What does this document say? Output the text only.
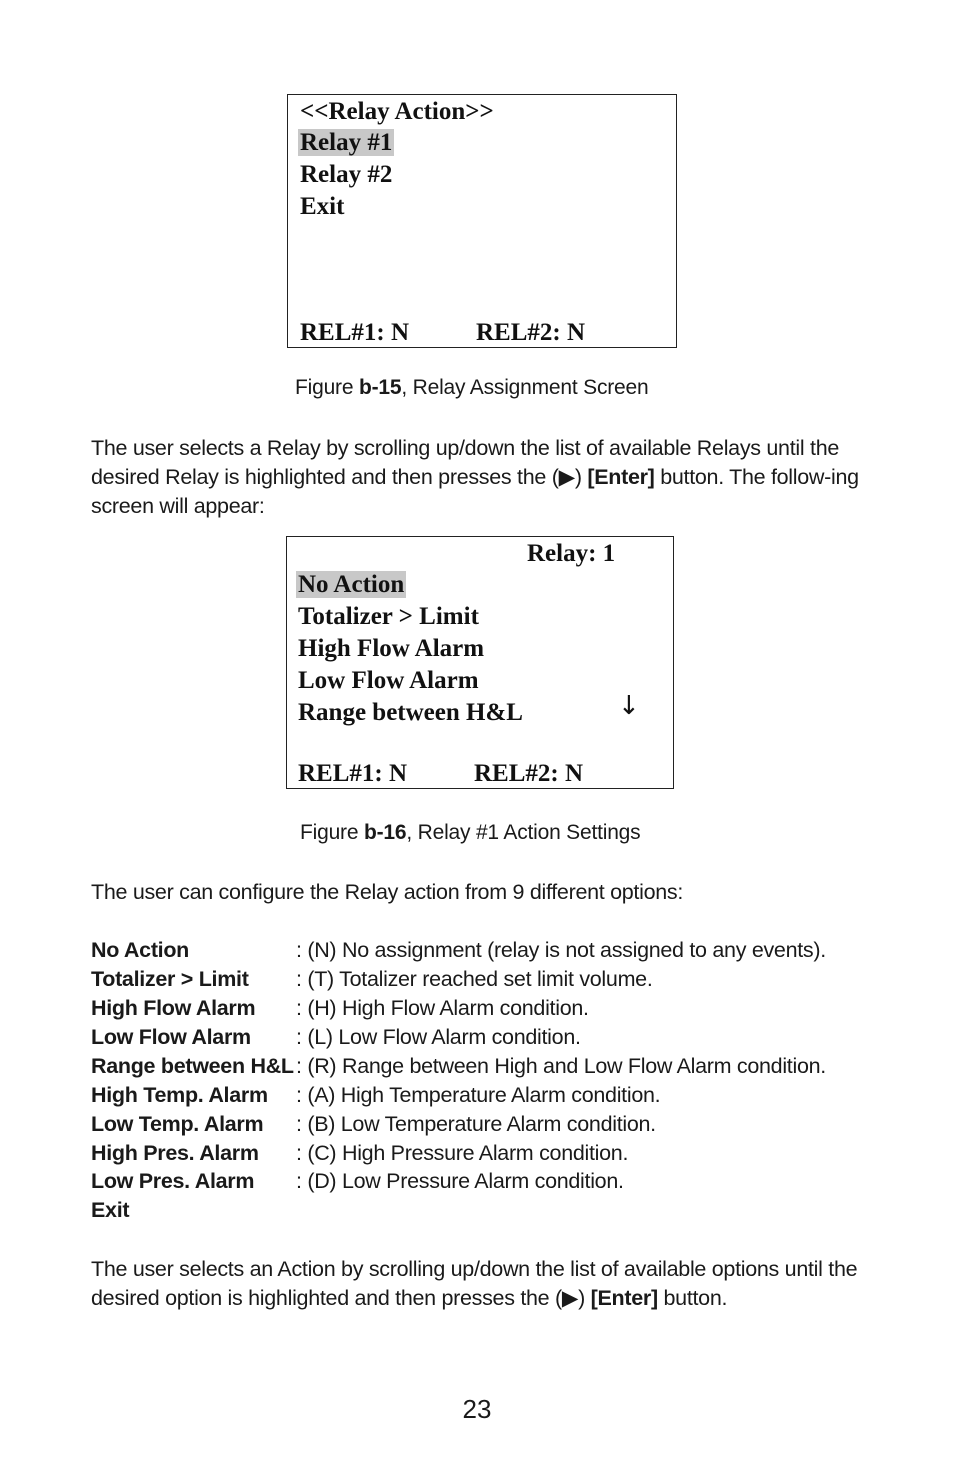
<<Relay Action>>
Relay #1
Relay #2
Exit
REL#1: N	REL#2: N
Figure b-15, Relay Assignment Screen
The user selects a Relay by scrolling up/down the list of available Relays until the desired Relay is highlighted and then presses the (▶) [Enter] button. The follow-ing screen will appear:
Relay: 1
No Action
Totalizer > Limit
High Flow Alarm
Low Flow Alarm
Range between H&L	↓
REL#1: N	REL#2: N
Figure b-16, Relay #1 Action Settings
The user can configure the Relay action from 9 different options:
No Action	: (N) No assignment (relay is not assigned to any events).
Totalizer > Limit : (T) Totalizer reached set limit volume.
High Flow Alarm : (H) High Flow Alarm condition.
Low Flow Alarm : (L) Low Flow Alarm condition.
Range between H&L : (R) Range between High and Low Flow Alarm condition.
High Temp. Alarm : (A) High Temperature Alarm condition.
Low Temp. Alarm : (B) Low Temperature Alarm condition.
High Pres. Alarm : (C) High Pressure Alarm condition.
Low Pres. Alarm : (D) Low Pressure Alarm condition.
Exit
The user selects an Action by scrolling up/down the list of available options until the desired option is highlighted and then presses the (▶) [Enter] button.
23
